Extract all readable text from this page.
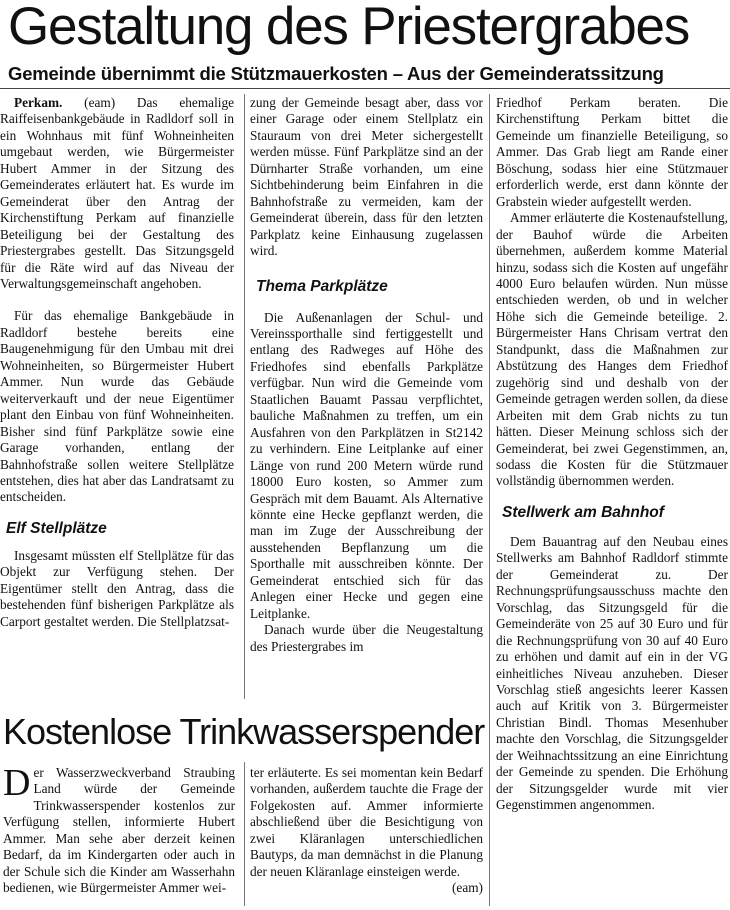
Gestaltung des Priestergrabes
Gemeinde übernimmt die Stützmauerkosten – Aus der Gemeinderatssitzung

Perkam. (eam) Das ehemalige Raiffeisenbankgebäude in Radldorf soll in ein Wohnhaus mit fünf Wohneinheiten umgebaut werden, wie Bürgermeister Hubert Ammer in der Sitzung des Gemeinderates erläutert hat. Es wurde im Gemeinderat über den Antrag der Kirchenstiftung Perkam auf finanzielle Beteiligung bei der Gestaltung des Priestergrabes gestellt. Das Sitzungsgeld für die Räte wird auf das Niveau der Verwaltungsgemeinschaft angehoben.

Für das ehemalige Bankgebäude in Radldorf bestehe bereits eine Baugenehmigung für den Umbau mit drei Wohneinheiten, so Bürgermeister Hubert Ammer. Nun wurde das Gebäude weiterverkauft und der neue Eigentümer plant den Einbau von fünf Wohneinheiten. Bisher sind fünf Parkplätze sowie eine Garage vorhanden, entlang der Bahnhofstraße sollen weitere Stellplätze entstehen, dies hat aber das Landratsamt zu entscheiden.

Elf Stellplätze

Insgesamt müssten elf Stellplätze für das Objekt zur Verfügung stehen. Der Eigentümer stellt den Antrag, dass die bestehenden fünf bisherigen Parkplätze als Carport gestaltet werden. Die Stellplatzsat-

zung der Gemeinde besagt aber, dass vor einer Garage oder einem Stellplatz ein Stauraum von drei Meter sichergestellt werden müsse. Fünf Parkplätze sind an der Dürnharter Straße vorhanden, um eine Sichtbehinderung beim Einfahren in die Bahnhofstraße zu vermeiden, kam der Gemeinderat überein, dass für den letzten Parkplatz keine Einhausung zugelassen wird.

Thema Parkplätze

Die Außenanlagen der Schul- und Vereinssporthalle sind fertiggestellt und entlang des Radweges auf Höhe des Friedhofes sind ebenfalls Parkplätze verfügbar. Nun wird die Gemeinde vom Staatlichen Bauamt Passau verpflichtet, bauliche Maßnahmen zu treffen, um ein Ausfahren von den Parkplätzen in St2142 zu verhindern. Eine Leitplanke auf einer Länge von rund 200 Metern würde rund 18000 Euro kosten, so Ammer zum Gespräch mit dem Bauamt. Als Alternative könnte eine Hecke gepflanzt werden, die man im Zuge der Ausschreibung der ausstehenden Bepflanzung um die Sporthalle mit ausschreiben könnte. Der Gemeinderat entschied sich für das Anlegen einer Hecke und gegen eine Leitplanke.

Danach wurde über die Neugestaltung des Priestergrabes im

Friedhof Perkam beraten. Die Kirchenstiftung Perkam bittet die Gemeinde um finanzielle Beteiligung, so Ammer. Das Grab liegt am Rande einer Böschung, sodass hier eine Stützmauer erforderlich werde, erst dann könnte der Grabstein wieder aufgestellt werden.

Ammer erläuterte die Kostenaufstellung, der Bauhof würde die Arbeiten übernehmen, außerdem komme Material hinzu, sodass sich die Kosten auf ungefähr 4000 Euro belaufen würden. Nun müsse entschieden werden, ob und in welcher Höhe sich die Gemeinde beteilige. 2. Bürgermeister Hans Chrisam vertrat den Standpunkt, dass die Maßnahmen zur Abstützung des Hanges dem Friedhof zugehörig sind und deshalb von der Gemeinde getragen werden sollen, da diese Arbeiten mit dem Grab nichts zu tun hätten. Dieser Meinung schloss sich der Gemeinderat, bei zwei Gegenstimmen, an, sodass die Kosten für die Stützmauer vollständig übernommen werden.

Stellwerk am Bahnhof

Dem Bauantrag auf den Neubau eines Stellwerks am Bahnhof Radldorf stimmte der Gemeinderat zu. Der Rechnungsprüfungsausschuss machte den Vorschlag, das Sitzungsgeld für die Gemeinderäte von 25 auf 30 Euro und für die Rechnungsprüfung von 30 auf 40 Euro zu erhöhen und damit auf ein in der VG einheitliches Niveau anzuheben. Dieser Vorschlag stieß angesichts leerer Kassen auch auf Kritik von 3. Bürgermeister Christian Bindl. Thomas Mesenhuber machte den Vorschlag, die Sitzungsgelder der Weihnachtssitzung an eine Einrichtung der Gemeinde zu spenden. Die Erhöhung der Sitzungsgelder wurde mit vier Gegenstimmen angenommen.

Kostenlose Trinkwasserspender

Der Wasserzweckverband Straubing Land würde der Gemeinde Trinkwasserspender kostenlos zur Verfügung stellen, informierte Hubert Ammer. Man sehe aber derzeit keinen Bedarf, da im Kindergarten oder auch in der Schule sich die Kinder am Wasserhahn bedienen, wie Bürgermeister Ammer wei-

ter erläuterte. Es sei momentan kein Bedarf vorhanden, außerdem tauchte die Frage der Folgekosten auf. Ammer informierte abschließend über die Besichtigung von zwei Kläranlagen unterschiedlichen Bautyps, da man demnächst in die Planung der neuen Kläranlage einsteigen werde.
(eam)
